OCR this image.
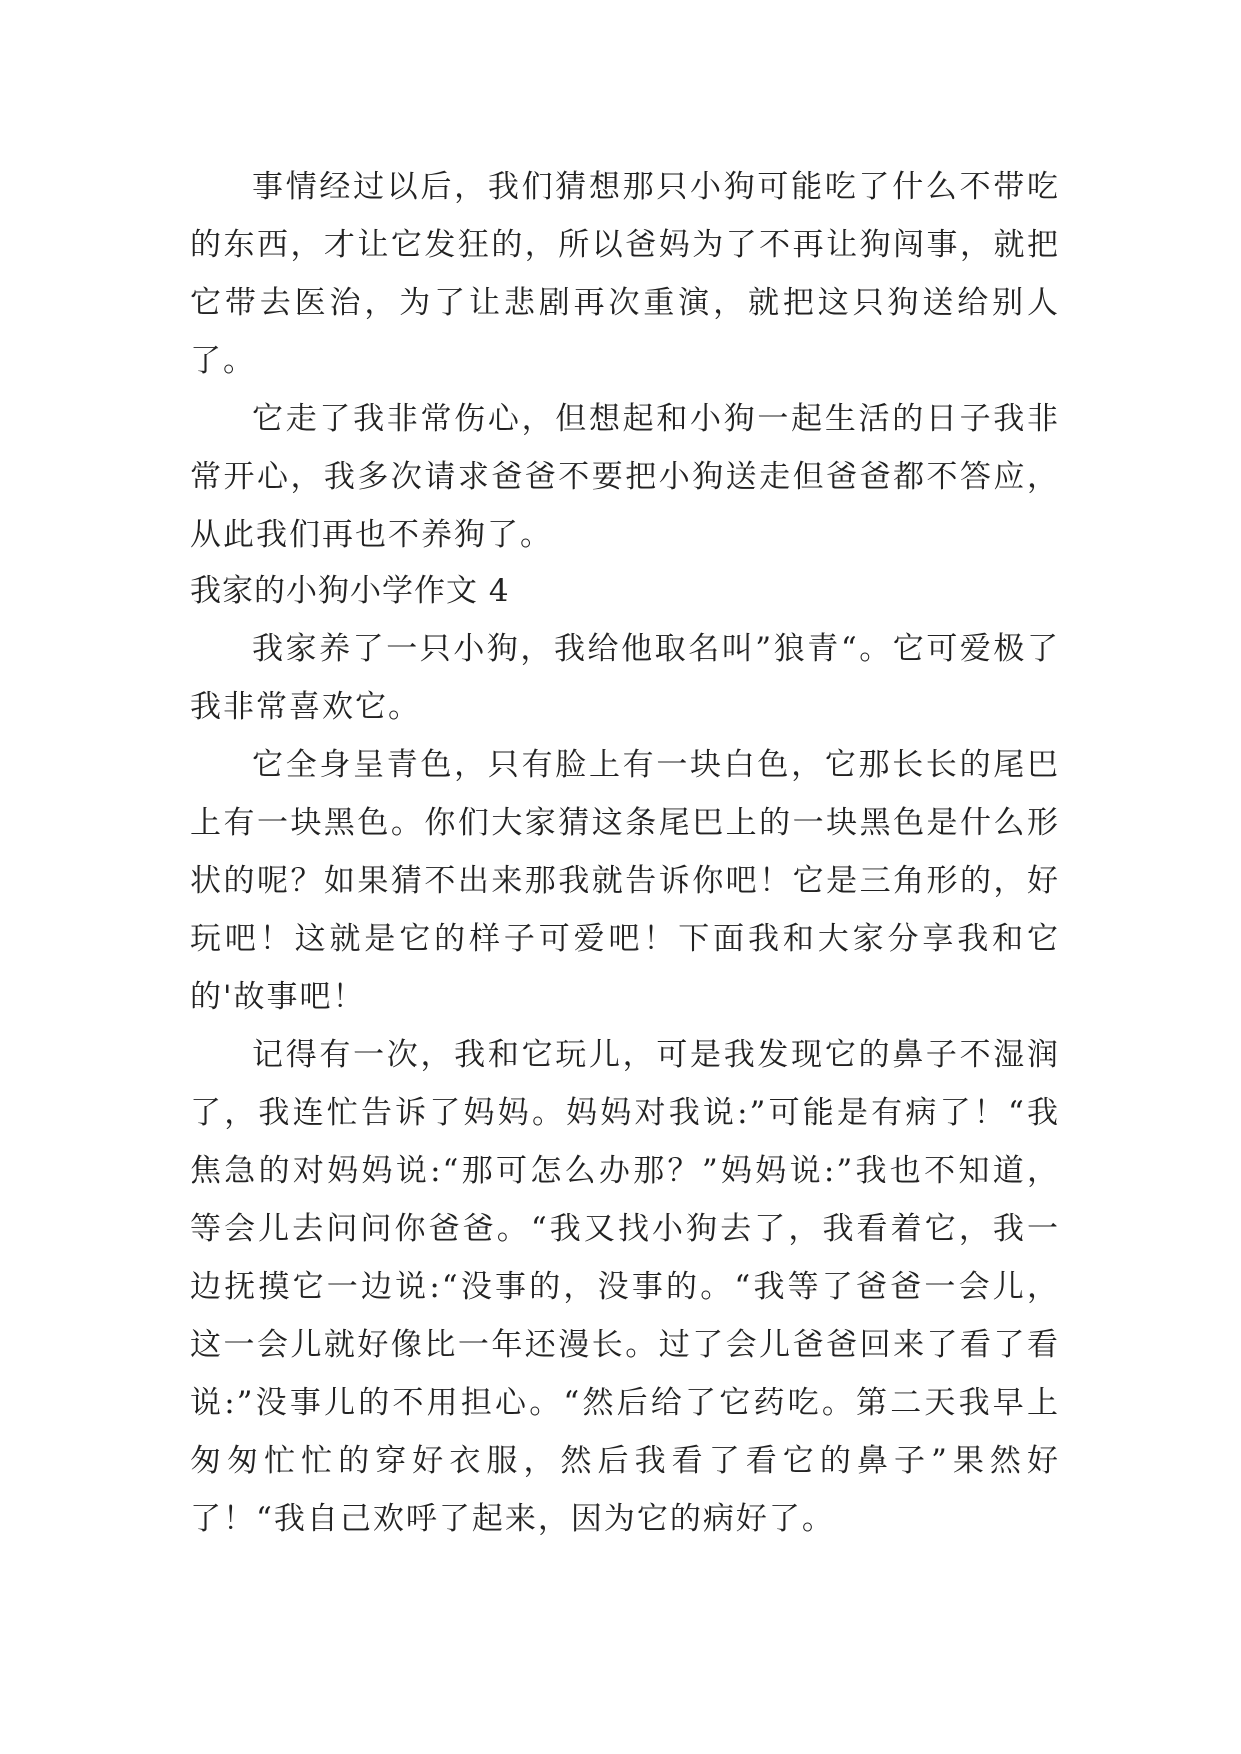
事情经过以后，我们猜想那只小狗可能吃了什么不带吃的东西，才让它发狂的，所以爸妈为了不再让狗闯事，就把它带去医治，为了让悲剧再次重演，就把这只狗送给别人了。

它走了我非常伤心，但想起和小狗一起生活的日子我非常开心，我多次请求爸爸不要把小狗送走但爸爸都不答应，从此我们再也不养狗了。

我家的小狗小学作文 4

我家养了一只小狗，我给他取名叫”狼青“。它可爱极了我非常喜欢它。

它全身呈青色，只有脸上有一块白色，它那长长的尾巴上有一块黑色。你们大家猜这条尾巴上的一块黑色是什么形状的呢？如果猜不出来那我就告诉你吧！它是三角形的，好玩吧！这就是它的样子可爱吧！下面我和大家分享我和它的'故事吧！

记得有一次，我和它玩儿，可是我发现它的鼻子不湿润了，我连忙告诉了妈妈。妈妈对我说:”可能是有病了！“我焦急的对妈妈说:“那可怎么办那？”妈妈说:”我也不知道，等会儿去问问你爸爸。“我又找小狗去了，我看着它，我一边抚摸它一边说:“没事的，没事的。“我等了爸爸一会儿，这一会儿就好像比一年还漫长。过了会儿爸爸回来了看了看说:”没事儿的不用担心。“然后给了它药吃。第二天我早上匆匆忙忙的穿好衣服，然后我看了看它的鼻子”果然好了！“我自己欢呼了起来，因为它的病好了。
